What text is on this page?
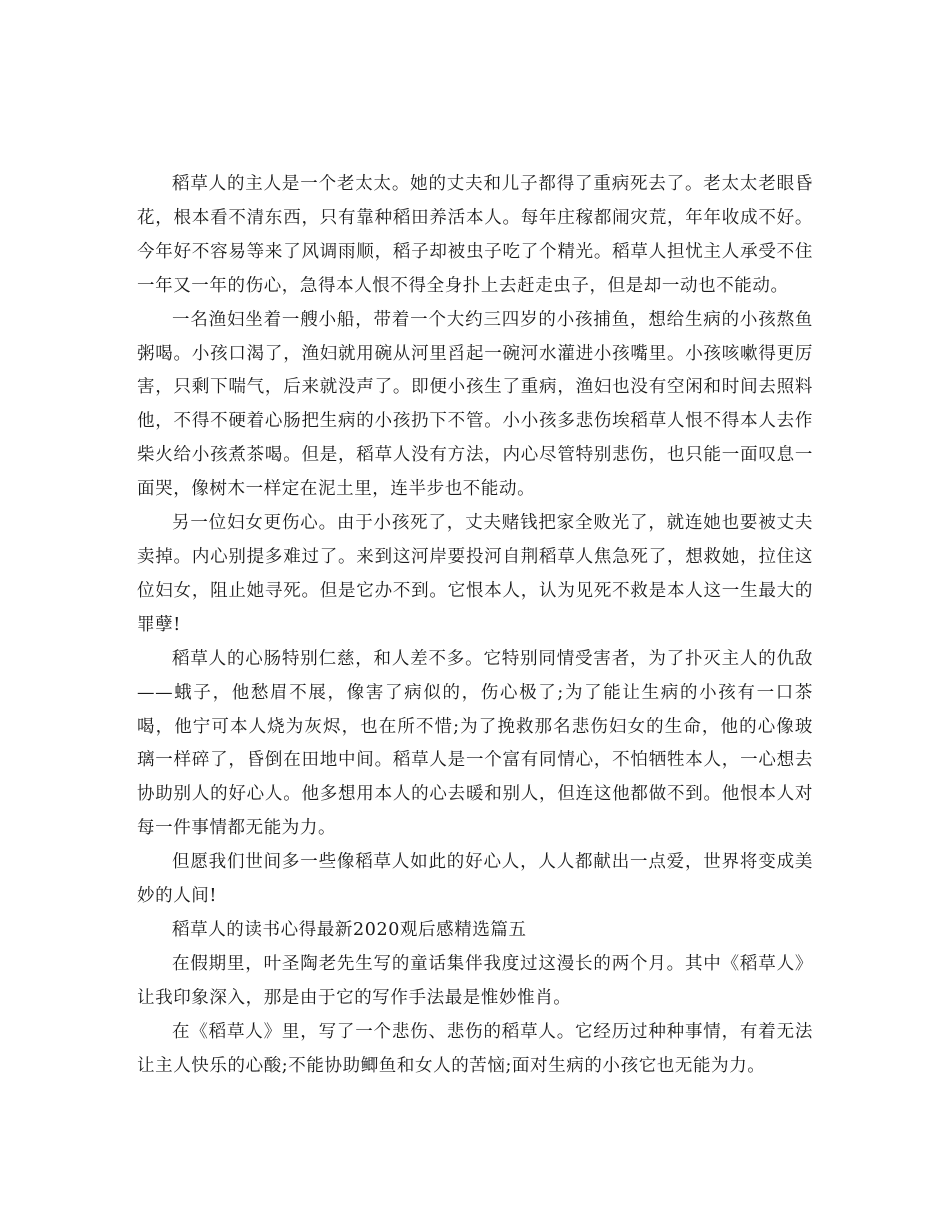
稻草人的主人是一个老太太。她的丈夫和儿子都得了重病死去了。老太太老眼昏花，根本看不清东西，只有靠种稻田养活本人。每年庄稼都闹灾荒，年年收成不好。今年好不容易等来了风调雨顺，稻子却被虫子吃了个精光。稻草人担忧主人承受不住一年又一年的伤心，急得本人恨不得全身扑上去赶走虫子，但是却一动也不能动。

一名渔妇坐着一艘小船，带着一个大约三四岁的小孩捕鱼，想给生病的小孩熬鱼粥喝。小孩口渴了，渔妇就用碗从河里舀起一碗河水灌进小孩嘴里。小孩咳嗽得更厉害，只剩下喘气，后来就没声了。即便小孩生了重病，渔妇也没有空闲和时间去照料他，不得不硬着心肠把生病的小孩扔下不管。小小孩多悲伤埃稻草人恨不得本人去作柴火给小孩煮茶喝。但是，稻草人没有方法，内心尽管特别悲伤，也只能一面叹息一面哭，像树木一样定在泥土里，连半步也不能动。

另一位妇女更伤心。由于小孩死了，丈夫赌钱把家全败光了，就连她也要被丈夫卖掉。内心别提多难过了。来到这河岸要投河自荆稻草人焦急死了，想救她，拉住这位妇女，阻止她寻死。但是它办不到。它恨本人，认为见死不救是本人这一生最大的罪孽!

稻草人的心肠特别仁慈，和人差不多。它特别同情受害者，为了扑灭主人的仇敌——蛾子，他愁眉不展，像害了病似的，伤心极了;为了能让生病的小孩有一口茶喝，他宁可本人烧为灰烬，也在所不惜;为了挽救那名悲伤妇女的生命，他的心像玻璃一样碎了，昏倒在田地中间。稻草人是一个富有同情心，不怕牺牲本人，一心想去协助别人的好心人。他多想用本人的心去暖和别人，但连这他都做不到。他恨本人对每一件事情都无能为力。

但愿我们世间多一些像稻草人如此的好心人，人人都献出一点爱，世界将变成美妙的人间!

稻草人的读书心得最新2020观后感精选篇五

在假期里，叶圣陶老先生写的童话集伴我度过这漫长的两个月。其中《稻草人》让我印象深入，那是由于它的写作手法最是惟妙惟肖。

在《稻草人》里，写了一个悲伤、悲伤的稻草人。它经历过种种事情，有着无法让主人快乐的心酸;不能协助鲫鱼和女人的苦恼;面对生病的小孩它也无能为力。
